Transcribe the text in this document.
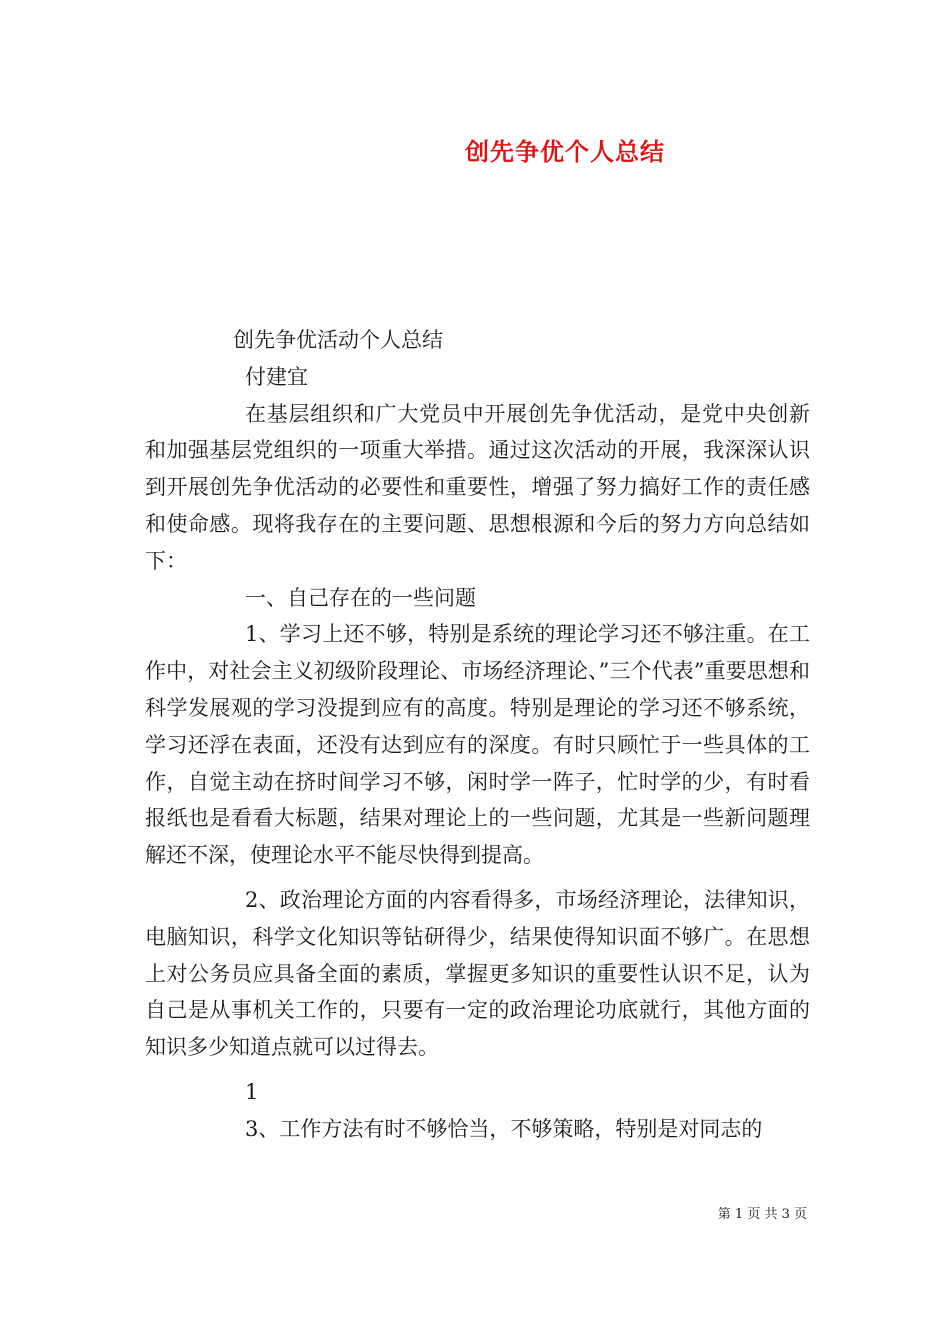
创先争优个人总结

创先争优活动个人总结

付建宜

在基层组织和广大党员中开展创先争优活动，是党中央创新和加强基层党组织的一项重大举措。通过这次活动的开展，我深深认识到开展创先争优活动的必要性和重要性，增强了努力搞好工作的责任感和使命感。现将我存在的主要问题、思想根源和今后的努力方向总结如下：

一、自己存在的一些问题

1、学习上还不够，特别是系统的理论学习还不够注重。在工作中，对社会主义初级阶段理论、市场经济理论、”三个代表”重要思想和科学发展观的学习没提到应有的高度。特别是理论的学习还不够系统，学习还浮在表面，还没有达到应有的深度。有时只顾忙于一些具体的工作，自觉主动在挤时间学习不够，闲时学一阵子，忙时学的少，有时看报纸也是看看大标题，结果对理论上的一些问题，尤其是一些新问题理解还不深，使理论水平不能尽快得到提高。

2、政治理论方面的内容看得多，市场经济理论，法律知识，电脑知识，科学文化知识等钻研得少，结果使得知识面不够广。在思想上对公务员应具备全面的素质，掌握更多知识的重要性认识不足，认为自己是从事机关工作的，只要有一定的政治理论功底就行，其他方面的知识多少知道点就可以过得去。

1

3、工作方法有时不够恰当，不够策略，特别是对同志的

第 1 页 共 3 页
